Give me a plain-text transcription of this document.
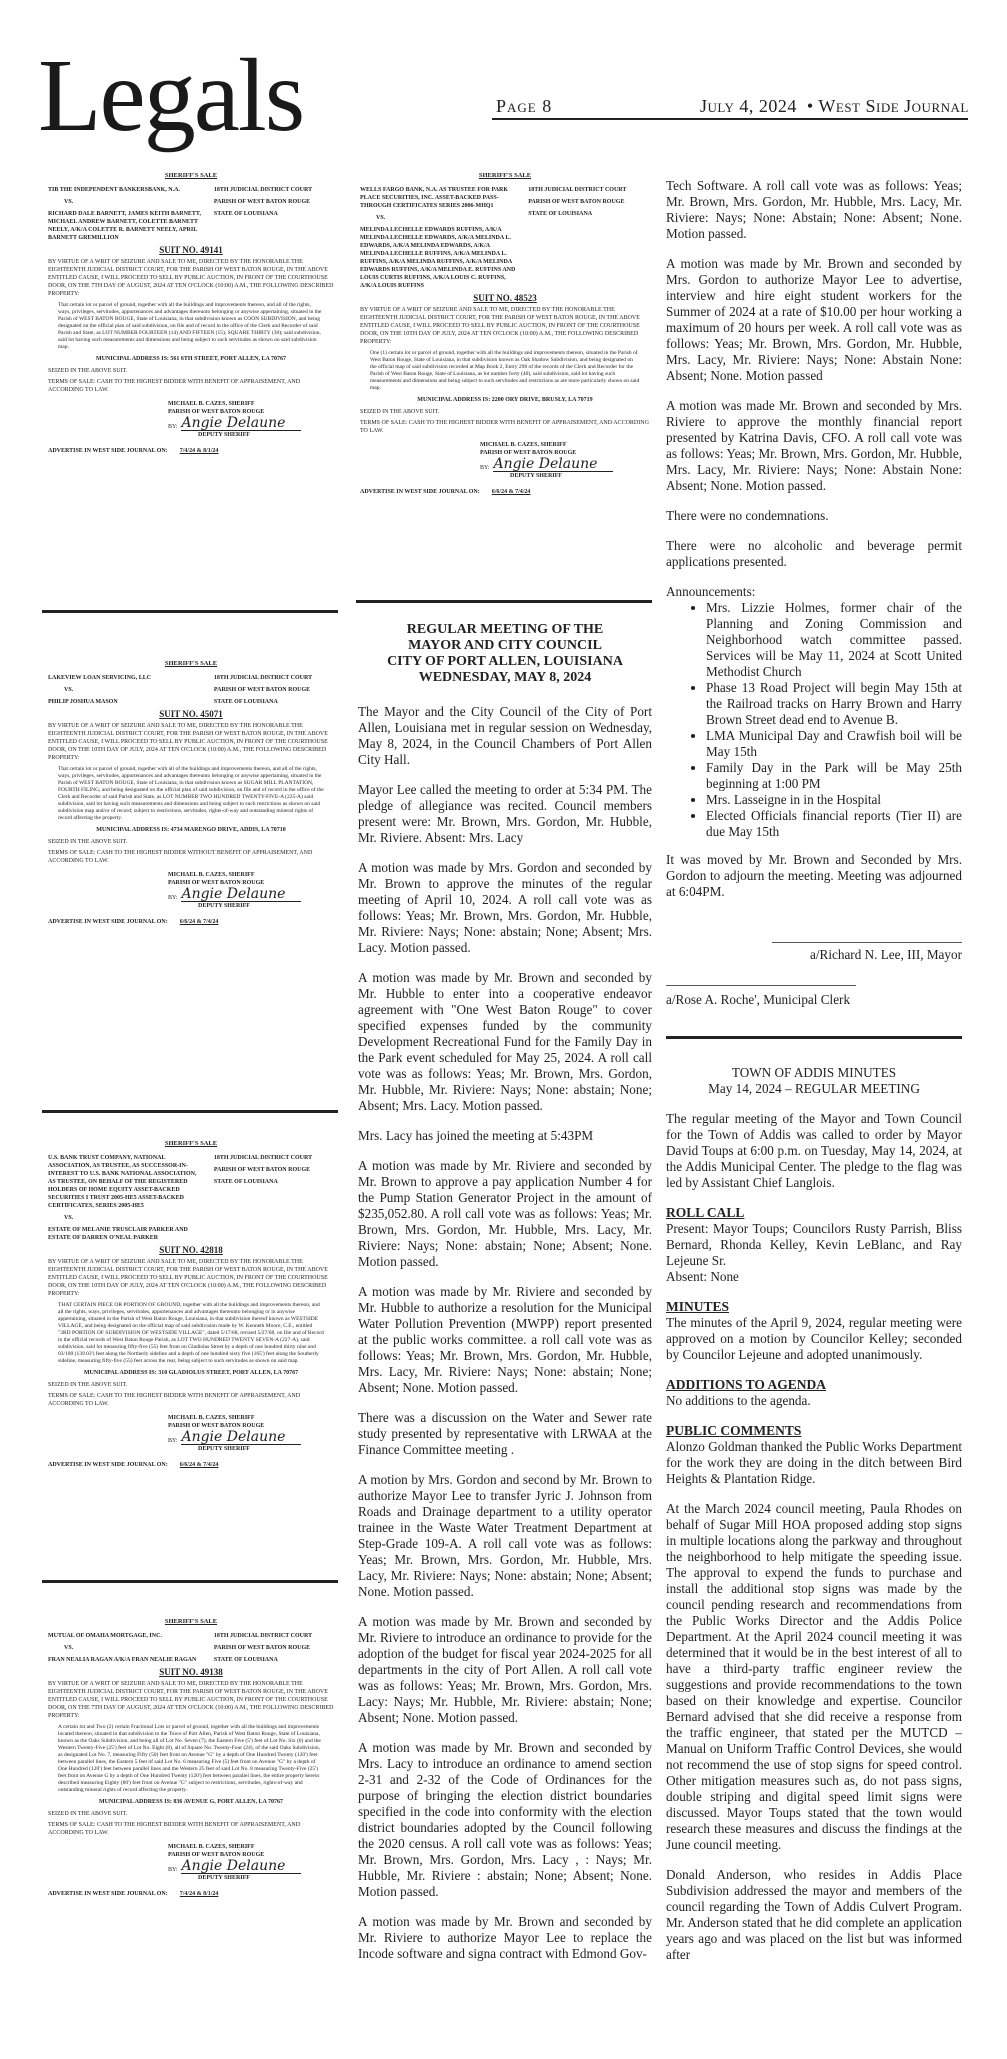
Legals	Page 8	July 4, 2024 • West Side Journal
SHERIFF'S SALE
TIB THE INDEPENDENT BANKERSBANK, N.A.
VS.
RICHARD DALE BARNETT, JAMES KEITH BARNETT, MICHAEL ANDREW BARNETT, COLETTE BARNETT NEELY, A/K/A COLETTE R. BARNETT NEELY, APRIL BARNETT GREMILLION
18TH JUDICIAL DISTRICT COURT
PARISH OF WEST BATON ROUGE
STATE OF LOUISIANA
SUIT NO. 49141

BY VIRTUE OF A WRIT OF SEIZURE AND SALE TO ME, DIRECTED BY THE HONORABLE THE EIGHTEENTH JUDICIAL DISTRICT COURT, FOR THE PARISH OF WEST BATON ROUGE, IN THE ABOVE ENTITLED CAUSE, I WILL PROCEED TO SELL BY PUBLIC AUCTION, IN FRONT OF THE COURTHOUSE DOOR, ON THE 7TH DAY OF AUGUST, 2024 AT TEN O'CLOCK (10:00) A.M., THE FOLLOWING DESCRIBED PROPERTY:

That certain lot or parcel of ground, together with all the buildings and improvements thereon, and all of the rights, ways, privileges, servitudes, appurtenances and advantages thereunto belonging or anywise appertaining, situated in the Parish of WEST BATON ROUGE, State of Louisiana, in that subdivision known as COON SUBDIVISION, and being designated on the official plan of said subdivision, on file and of record in the office of the Clerk and Recorder of said Parish and State, as LOT NUMBER FOURTEEN (14) AND FIFTEEN (15), SQUARE THIRTY (30); said subdivision, said lot having such measurements and dimensions and being subject to such servitudes as shown on said subdivision map.
MUNICIPAL ADDRESS IS: 561 6TH STREET, PORT ALLEN, LA 70767

SEIZED IN THE ABOVE SUIT.

TERMS OF SALE: CASH TO THE HIGHEST BIDDER WITH BENEFIT OF APPRAISEMENT, AND ACCORDING TO LAW.

MICHAEL B. CAZES, SHERIFF
PARISH OF WEST BATON ROUGE
BY: Angie Delaune
DEPUTY SHERIFF
ADVERTISE IN WEST SIDE JOURNAL ON: 7/4/24 & 8/1/24
SHERIFF'S SALE
WELLS FARGO BANK, N.A. AS TRUSTEE FOR PARK PLACE SECURITIES, INC. ASSET-BACKED PASS-THROUGH CERTIFICATES SERIES 2006-MHQ1
VS.
MELINDA LECHELLE EDWARDS RUFFINS, A/K/A MELINDA LECHELLE EDWARDS, A/K/A MELINDA L. EDWARDS, A/K/A MELINDA EDWARDS, A/K/A MELINDA LECHELLE RUFFINS, A/K/A MELINDA L. RUFFINS, A/K/A MELINDA RUFFINS, A/K/A MELINDA EDWARDS RUFFINS, A/K/A MELINDA E. RUFFINS AND LOUIS CURTIS RUFFINS, A/K/A LOUIS C. RUFFINS, A/K/A LOUIS RUFFINS
18TH JUDICIAL DISTRICT COURT
PARISH OF WEST BATON ROUGE
STATE OF LOUISIANA
SUIT NO. 48523

BY VIRTUE OF A WRIT OF SEIZURE AND SALE TO ME, DIRECTED BY THE HONORABLE THE EIGHTEENTH JUDICIAL DISTRICT COURT, FOR THE PARISH OF WEST BATON ROUGE, IN THE ABOVE ENTITLED CAUSE, I WILL PROCEED TO SELL BY PUBLIC AUCTION, IN FRONT OF THE COURTHOUSE DOOR, ON THE 10TH DAY OF JULY, 2024 AT TEN O'CLOCK (10:00) A.M., THE FOLLOWING DESCRIBED PROPERTY:

One (1) certain lot or parcel of ground, together with all the buildings and improvements thereon, situated in the Parish of West Baton Rouge, State of Louisiana, in that subdivision known as Oak Shadow Subdivision, and being designated on the official map of said subdivision recorded at Map Book 2, Entry 298 of the records of the Clerk and Recorder for the Parish of West Baton Rouge, State of Louisiana, as lot number forty (40), said subdivision, said lot having such measurements and dimensions and being subject to such servitudes and restrictions as are more particularly shown on said map.
MUNICIPAL ADDRESS IS: 2200 ORY DRIVE, BRUSLY, LA 70719

SEIZED IN THE ABOVE SUIT.

TERMS OF SALE: CASH TO THE HIGHEST BIDDER WITH BENEFIT OF APPRAISEMENT, AND ACCORDING TO LAW.

MICHAEL B. CAZES, SHERIFF
PARISH OF WEST BATON ROUGE
BY: Angie Delaune
DEPUTY SHERIFF
ADVERTISE IN WEST SIDE JOURNAL ON: 6/6/24 & 7/4/24
SHERIFF'S SALE
LAKEVIEW LOAN SERVICING, LLC
VS.
PHILIP JOSHUA MASON
18TH JUDICIAL DISTRICT COURT
PARISH OF WEST BATON ROUGE
STATE OF LOUISIANA
SUIT NO. 45071

BY VIRTUE OF A WRIT OF SEIZURE AND SALE TO ME, DIRECTED BY THE HONORABLE THE EIGHTEENTH JUDICIAL DISTRICT COURT, FOR THE PARISH OF WEST BATON ROUGE, IN THE ABOVE ENTITLED CAUSE, I WILL PROCEED TO SELL BY PUBLIC AUCTION, IN FRONT OF THE COURTHOUSE DOOR, ON THE 10TH DAY OF JULY, 2024 AT TEN O'CLOCK (10:00) A.M., THE FOLLOWING DESCRIBED PROPERTY:

That certain lot or parcel of ground, together with all of the buildings and improvements thereon, and all of the rights, ways, privileges, servitudes, appurtenances and advantages thereunto belonging or anywise appertaining, situated in the Parish of WEST BATON ROUGE, State of Louisiana, in that subdivision known as SUGAR MILL PLANTATION, FOURTH FILING, and being designated on the official plan of said subdivision, on file and of record in the office of the Clerk and Recorder of said Parish and State, as LOT NUMBER TWO HUNDRED TWENTY-FIVE-A (225-A) said subdivision, said lot having such measurements and dimensions and being subject to such restrictions as shown on said subdivision map and/or of record; subject to restrictions, servitudes, rights-of-way and outstanding mineral rights of record affecting the property.
MUNICIPAL ADDRESS IS: 4734 MARENGO DRIVE, ADDIS, LA 70710

SEIZED IN THE ABOVE SUIT.

TERMS OF SALE: CASH TO THE HIGHEST BIDDER WITHOUT BENEFIT OF APPRAISEMENT, AND ACCORDING TO LAW.

MICHAEL B. CAZES, SHERIFF
PARISH OF WEST BATON ROUGE
BY: Angie Delaune
DEPUTY SHERIFF
ADVERTISE IN WEST SIDE JOURNAL ON: 6/6/24 & 7/4/24
SHERIFF'S SALE
U.S. BANK TRUST COMPANY, NATIONAL ASSOCIATION, AS TRUSTEE, AS SUCCESSOR-IN-INTEREST TO U.S. BANK NATIONAL ASSOCIATION, AS TRUSTEE, ON BEHALF OF THE REGISTERED HOLDERS OF HOME EQUITY ASSET-BACKED SECURITIES I TRUST 2005-HE5 ASSET-BACKED CERTIFICATES, SERIES 2005-HE5
VS.
ESTATE OF MELANIE TRUSCLAIR PARKER AND ESTATE OF DARREN O'NEAL PARKER
18TH JUDICIAL DISTRICT COURT
PARISH OF WEST BATON ROUGE
STATE OF LOUISIANA
SUIT NO. 42818

BY VIRTUE OF A WRIT OF SEIZURE AND SALE TO ME, DIRECTED BY THE HONORABLE THE EIGHTEENTH JUDICIAL DISTRICT COURT, FOR THE PARISH OF WEST BATON ROUGE, IN THE ABOVE ENTITLED CAUSE, I WILL PROCEED TO SELL BY PUBLIC AUCTION, IN FRONT OF THE COURTHOUSE DOOR, ON THE 10TH DAY OF JULY, 2024 AT TEN O'CLOCK (10:00) A.M., THE FOLLOWING DESCRIBED PROPERTY:

THAT CERTAIN PIECE OR PORTION OF GROUND, together with all the buildings and improvements thereon, and all the rights, ways, privileges, servitudes, appurtenances and advantages thereunto belonging or in anywise appertaining, situated in the Parish of West Baton Rouge, Louisiana, in that subdivision thereof known as WESTSIDE VILLAGE, and being designated on the official map of said subdivision made by W. Kenneth Moore, C.E., entitled "3RD PORTION OF SUBDIVISION OF WESTSIDE VILLAGE", dated 5/17/68, revised 5/27/68, on file and of Record in the official records of West Baton Rouge Parish, as LOT TWO HUNDRED TWENTY SEVEN-A (227-A), said subdivision, said lot measuring fifty-five (55) feet front on Gladiolas Street by a depth of one hundred thirty nine and 03/100 (139.03') feet along the Northerly sideline and a depth of one hundred sixty five (165') feet along the Southerly sideline, measuring fifty-five (55) feet across the rear, being subject to such servitudes as shown on said map.
MUNICIPAL ADDRESS IS: 310 GLADIOLUS STREET, PORT ALLEN, LA 70767

SEIZED IN THE ABOVE SUIT.

TERMS OF SALE: CASH TO THE HIGHEST BIDDER WITH BENEFIT OF APPRAISEMENT, AND ACCORDING TO LAW.

MICHAEL B. CAZES, SHERIFF
PARISH OF WEST BATON ROUGE
BY: Angie Delaune
DEPUTY SHERIFF
ADVERTISE IN WEST SIDE JOURNAL ON: 6/6/24 & 7/4/24
SHERIFF'S SALE
MUTUAL OF OMAHA MORTGAGE, INC.
VS.
FRAN NEALIA RAGAN A/K/A FRAN NEALIE RAGAN
18TH JUDICIAL DISTRICT COURT
PARISH OF WEST BATON ROUGE
STATE OF LOUISIANA
SUIT NO. 49138

BY VIRTUE OF A WRIT OF SEIZURE AND SALE TO ME, DIRECTED BY THE HONORABLE THE EIGHTEENTH JUDICIAL DISTRICT COURT, FOR THE PARISH OF WEST BATON ROUGE, IN THE ABOVE ENTITLED CAUSE, I WILL PROCEED TO SELL BY PUBLIC AUCTION, IN FRONT OF THE COURTHOUSE DOOR, ON THE 7TH DAY OF AUGUST, 2024 AT TEN O'CLOCK (10:00) A.M., THE FOLLOWING DESCRIBED PROPERTY:

A certain lot and Two (2) certain Fractional Lots or parcel of ground, together with all the buildings and improvements located thereon, situated in that subdivision to the Town of Port Allen, Parish of West Baton Rouge, State of Louisiana, known as the Oaks Subdivision, and being all of Lot No. Seven (7), the Eastern Five (5') feet of Lot No. Six (6) and the Western Twenty-Five (25') feet of Lot No. Eight (8), all of Square No. Twenty-Four (24), of the said Oaks Subdivision, as designated Lot No. 7, measuring Fifty (50) feet front on Avenue "G" by a depth of One Hundred Twenty (120') feet between parallel lines, the Eastern 5 feet of said Lot No. 6 measuring Five (5) feet front on Avenue "G" by a depth of One Hundred (120') feet between parallel lines and the Western 25 feet of said Lot No. 8 measuring Twenty-Five (25') feet front on Avenue G by a depth of One Hundred Twenty (120') feet between parallel lines, the entire property herein described measuring Eighty (80') feet front on Avenue "G" subject to restrictions, servitudes, rights-of-way and outstanding mineral rights of record affecting the property.
MUNICIPAL ADDRESS IS: 836 AVENUE G, PORT ALLEN, LA 70767

SEIZED IN THE ABOVE SUIT.

TERMS OF SALE: CASH TO THE HIGHEST BIDDER WITH BENEFIT OF APPRAISEMENT, AND ACCORDING TO LAW.

MICHAEL B. CAZES, SHERIFF
PARISH OF WEST BATON ROUGE
BY: Angie Delaune
DEPUTY SHERIFF
ADVERTISE IN WEST SIDE JOURNAL ON: 7/4/24 & 8/1/24
REGULAR MEETING OF THE
MAYOR AND CITY COUNCIL
CITY OF PORT ALLEN, LOUISIANA
WEDNESDAY, MAY 8, 2024

The Mayor and the City Council of the City of Port Allen, Louisiana met in regular session on Wednesday, May 8, 2024, in the Council Chambers of Port Allen City Hall.

Mayor Lee called the meeting to order at 5:34 PM. The pledge of allegiance was recited. Council members present were: Mr. Brown, Mrs. Gordon, Mr. Hubble, Mr. Riviere. Absent: Mrs. Lacy

A motion was made by Mrs. Gordon and seconded by Mr. Brown to approve the minutes of the regular meeting of April 10, 2024. A roll call vote was as follows: Yeas; Mr. Brown, Mrs. Gordon, Mr. Hubble, Mr. Riviere: Nays; None: abstain; None; Absent; Mrs. Lacy. Motion passed.

A motion was made by Mr. Brown and seconded by Mr. Hubble to enter into a cooperative endeavor agreement with "One West Baton Rouge" to cover specified expenses funded by the community Development Recreational Fund for the Family Day in the Park event scheduled for May 25, 2024. A roll call vote was as follows: Yeas; Mr. Brown, Mrs. Gordon, Mr. Hubble, Mr. Riviere: Nays; None: abstain; None; Absent; Mrs. Lacy. Motion passed.

Mrs. Lacy has joined the meeting at 5:43PM

A motion was made by Mr. Riviere and seconded by Mr. Brown to approve a pay application Number 4 for the Pump Station Generator Project in the amount of $235,052.80. A roll call vote was as follows: Yeas; Mr. Brown, Mrs. Gordon, Mr. Hubble, Mrs. Lacy, Mr. Riviere: Nays; None: abstain; None; Absent; None. Motion passed.

A motion was made by Mr. Riviere and seconded by Mr. Hubble to authorize a resolution for the Municipal Water Pollution Prevention (MWPP) report presented at the public works committee. a roll call vote was as follows: Yeas; Mr. Brown, Mrs. Gordon, Mr. Hubble, Mrs. Lacy, Mr. Riviere: Nays; None: abstain; None; Absent; None. Motion passed.

There was a discussion on the Water and Sewer rate study presented by representative with LRWAA at the Finance Committee meeting .

A motion by Mrs. Gordon and second by Mr. Brown to authorize Mayor Lee to transfer Jyric J. Johnson from Roads and Drainage department to a utility operator trainee in the Waste Water Treatment Department at Step-Grade 109-A. A roll call vote was as follows: Yeas; Mr. Brown, Mrs. Gordon, Mr. Hubble, Mrs. Lacy, Mr. Riviere: Nays; None: abstain; None; Absent; None. Motion passed.

A motion was made by Mr. Brown and seconded by Mr. Riviere to introduce an ordinance to provide for the adoption of the budget for fiscal year 2024-2025 for all departments in the city of Port Allen. A roll call vote was as follows: Yeas; Mr. Brown, Mrs. Gordon, Mrs. Lacy: Nays; Mr. Hubble, Mr. Riviere: abstain; None; Absent; None. Motion passed.

A motion was made by Mr. Brown and seconded by Mrs. Lacy to introduce an ordinance to amend section 2-31 and 2-32 of the Code of Ordinances for the purpose of bringing the election district boundaries specified in the code into conformity with the election district boundaries adopted by the Council following the 2020 census. A roll call vote was as follows: Yeas; Mr. Brown, Mrs. Gordon, Mrs. Lacy , : Nays; Mr. Hubble, Mr. Riviere : abstain; None; Absent; None. Motion passed.

A motion was made by Mr. Brown and seconded by Mr. Riviere to authorize Mayor Lee to replace the Incode software and signa contract with Edmond Gov-

Tech Software. A roll call vote was as follows: Yeas; Mr. Brown, Mrs. Gordon, Mr. Hubble, Mrs. Lacy, Mr. Riviere: Nays; None: Abstain; None: Absent; None. Motion passed.

A motion was made by Mr. Brown and seconded by Mrs. Gordon to authorize Mayor Lee to advertise, interview and hire eight student workers for the Summer of 2024 at a rate of $10.00 per hour working a maximum of 20 hours per week. A roll call vote was as follows: Yeas; Mr. Brown, Mrs. Gordon, Mr. Hubble, Mrs. Lacy, Mr. Riviere: Nays; None: Abstain None: Absent; None. Motion passed

A motion was made Mr. Brown and seconded by Mrs. Riviere to approve the monthly financial report presented by Katrina Davis, CFO. A roll call vote was as follows: Yeas; Mr. Brown, Mrs. Gordon, Mr. Hubble, Mrs. Lacy, Mr. Riviere: Nays; None: Abstain None: Absent; None. Motion passed.

There were no condemnations.

There were no alcoholic and beverage permit applications presented.

Announcements:
• Mrs. Lizzie Holmes, former chair of the Planning and Zoning Commission and Neighborhood watch committee passed. Services will be May 11, 2024 at Scott United Methodist Church
• Phase 13 Road Project will begin May 15th at the Railroad tracks on Harry Brown and Harry Brown Street dead end to Avenue B.
• LMA Municipal Day and Crawfish boil will be May 15th
• Family Day in the Park will be May 25th beginning at 1:00 PM
• Mrs. Lasseigne in in the Hospital
• Elected Officials financial reports (Tier II) are due May 15th

It was moved by Mr. Brown and Seconded by Mrs. Gordon to adjourn the meeting. Meeting was adjourned at 6:04PM.

a/Richard N. Lee, III, Mayor
a/Rose A. Roche', Municipal Clerk
TOWN OF ADDIS MINUTES
May 14, 2024 – REGULAR MEETING

The regular meeting of the Mayor and Town Council for the Town of Addis was called to order by Mayor David Toups at 6:00 p.m. on Tuesday, May 14, 2024, at the Addis Municipal Center. The pledge to the flag was led by Assistant Chief Langlois.

ROLL CALL
Present: Mayor Toups; Councilors Rusty Parrish, Bliss Bernard, Rhonda Kelley, Kevin LeBlanc, and Ray Lejeune Sr.

Absent: None

MINUTES

The minutes of the April 9, 2024, regular meeting were approved on a motion by Councilor Kelley; seconded by Councilor Lejeune and adopted unanimously.

ADDITIONS TO AGENDA

No additions to the agenda.

PUBLIC COMMENTS

Alonzo Goldman thanked the Public Works Department for the work they are doing in the ditch between Bird Heights & Plantation Ridge.

At the March 2024 council meeting, Paula Rhodes on behalf of Sugar Mill HOA proposed adding stop signs in multiple locations along the parkway and throughout the neighborhood to help mitigate the speeding issue. The approval to expend the funds to purchase and install the additional stop signs was made by the council pending research and recommendations from the Public Works Director and the Addis Police Department. At the April 2024 council meeting it was determined that it would be in the best interest of all to have a third-party traffic engineer review the suggestions and provide recommendations to the town based on their knowledge and expertise. Councilor Bernard advised that she did receive a response from the traffic engineer, that stated per the MUTCD – Manual on Uniform Traffic Control Devices, she would not recommend the use of stop signs for speed control. Other mitigation measures such as, do not pass signs, double striping and digital speed limit signs were discussed. Mayor Toups stated that the town would research these measures and discuss the findings at the June council meeting.

Donald Anderson, who resides in Addis Place Subdivision addressed the mayor and members of the council regarding the Town of Addis Culvert Program. Mr. Anderson stated that he did complete an application years ago and was placed on the list but was informed after
